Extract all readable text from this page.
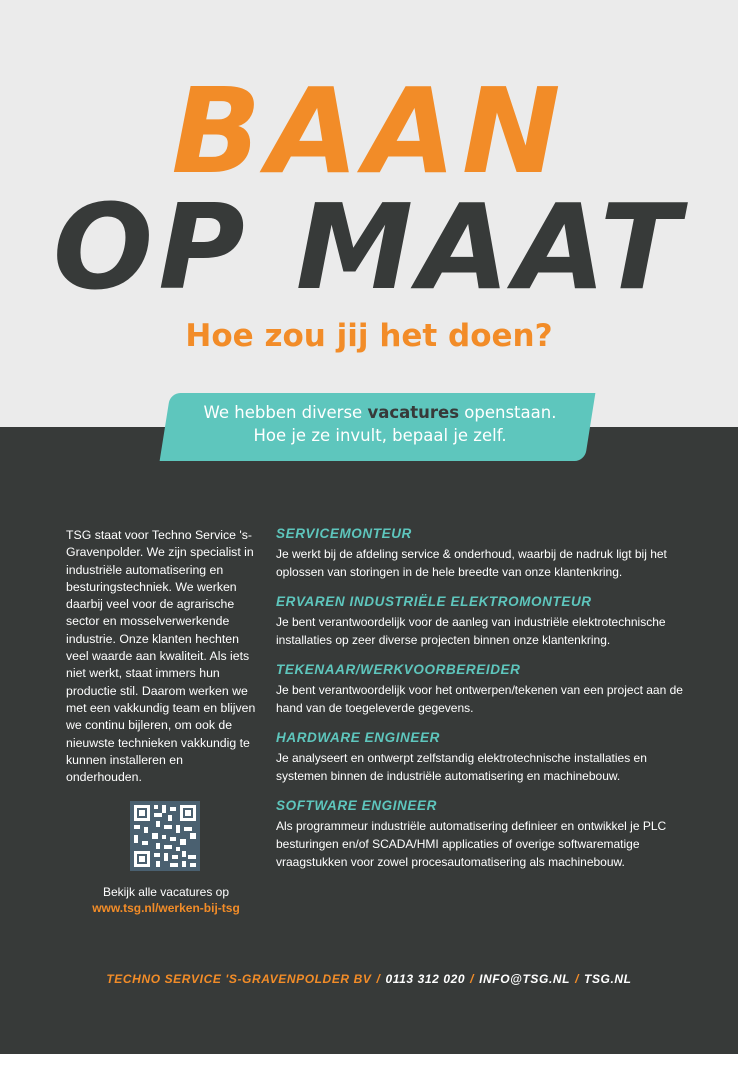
BAAN
OP MAAT

Hoe zou jij het doen?

We hebben diverse vacatures openstaan.
Hoe je ze invult, bepaal je zelf.

TSG staat voor Techno Service 's-Gravenpolder. We zijn specialist in industriële automatisering en besturingstechniek. We werken daarbij veel voor de agrarische sector en mosselverwerkende industrie. Onze klanten hechten veel waarde aan kwaliteit. Als iets niet werkt, staat immers hun productie stil. Daarom werken we met een vakkundig team en blijven we continu bijleren, om ook de nieuwste technieken vakkundig te kunnen installeren en onderhouden.

Bekijk alle vacatures op

www.tsg.nl/werken-bij-tsg

SERVICEMONTEUR

Je werkt bij de afdeling service & onderhoud, waarbij de nadruk ligt bij het oplossen van storingen in de hele breedte van onze klantenkring.

ERVAREN INDUSTRIËLE ELEKTROMONTEUR

Je bent verantwoordelijk voor de aanleg van industriële elektrotechnische installaties op zeer diverse projecten binnen onze klantenkring.

TEKENAAR/WERKVOORBEREIDER

Je bent verantwoordelijk voor het ontwerpen/tekenen van een project aan de hand van de toegeleverde gegevens.

HARDWARE ENGINEER

Je analyseert en ontwerpt zelfstandig elektrotechnische installaties en systemen binnen de industriële automatisering en machinebouw.

SOFTWARE ENGINEER

Als programmeur industriële automatisering definieer en ontwikkel je PLC besturingen en/of SCADA/HMI applicaties of overige softwarematige vraagstukken voor zowel procesautomatisering als machinebouw.

TECHNO SERVICE 'S-GRAVENPOLDER BV / 0113 312 020 / INFO@TSG.NL / TSG.NL
